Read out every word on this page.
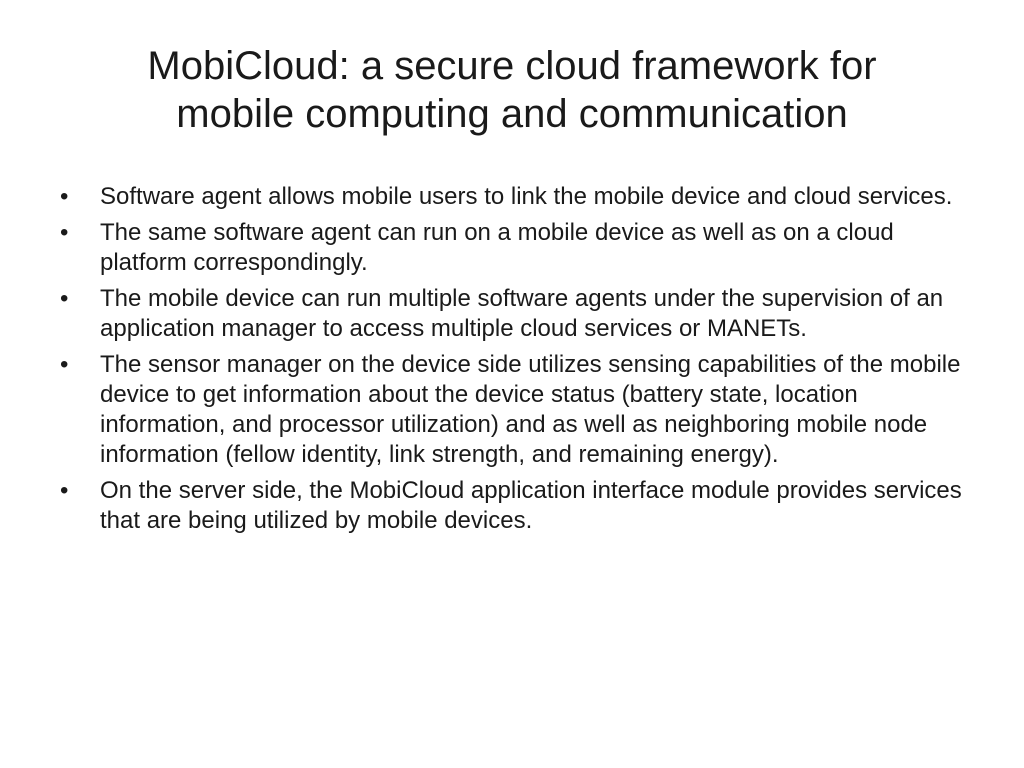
MobiCloud: a secure cloud framework for
mobile computing and communication
• Software agent allows mobile users to link the mobile device and cloud services.
• The same software agent can run on a mobile device as well as on a cloud platform correspondingly.
• The mobile device can run multiple software agents under the supervision of an application manager to access multiple cloud services or MANETs.
• The sensor manager on the device side utilizes sensing capabilities of the mobile device to get information about the device status (battery state, location information, and processor utilization) and as well as neighboring mobile node information (fellow identity, link strength, and remaining energy).
• On the server side, the MobiCloud application interface module provides services that are being utilized by mobile devices.
